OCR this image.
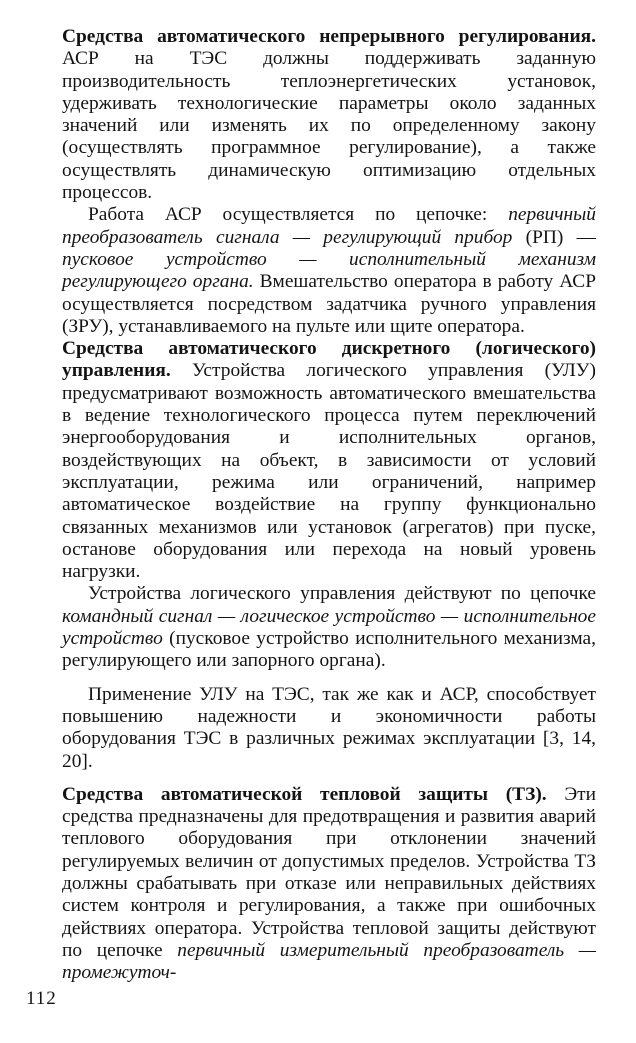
Средства автоматического непрерывного регулирования. АСР на ТЭС должны поддерживать заданную производительность теплоэнергетических установок, удерживать технологические параметры около заданных значений или изменять их по определенному закону (осуществлять программное регулирование), а также осуществлять динамическую оптимизацию отдельных процессов.

Работа АСР осуществляется по цепочке: первичный преобразователь сигнала — регулирующий прибор (РП) — пусковое устройство — исполнительный механизм регулирующего органа. Вмешательство оператора в работу АСР осуществляется посредством задатчика ручного управления (ЗРУ), устанавливаемого на пульте или щите оператора.

Средства автоматического дискретного (логического) управления. Устройства логического управления (УЛУ) предусматривают возможность автоматического вмешательства в ведение технологического процесса путем переключений энергооборудования и исполнительных органов, воздействующих на объект, в зависимости от условий эксплуатации, режима или ограничений, например автоматическое воздействие на группу функционально связанных механизмов или установок (агрегатов) при пуске, останове оборудования или перехода на новый уровень нагрузки.

Устройства логического управления действуют по цепочке командный сигнал — логическое устройство — исполнительное устройство (пусковое устройство исполнительного механизма, регулирующего или запорного органа).

Применение УЛУ на ТЭС, так же как и АСР, способствует повышению надежности и экономичности работы оборудования ТЭС в различных режимах эксплуатации [3, 14, 20].

Средства автоматической тепловой защиты (ТЗ). Эти средства предназначены для предотвращения и развития аварий теплового оборудования при отклонении значений регулируемых величин от допустимых пределов. Устройства ТЗ должны срабатывать при отказе или неправильных действиях систем контроля и регулирования, а также при ошибочных действиях оператора. Устройства тепловой защиты действуют по цепочке первичный измерительный преобразователь — промежуточ-

112
